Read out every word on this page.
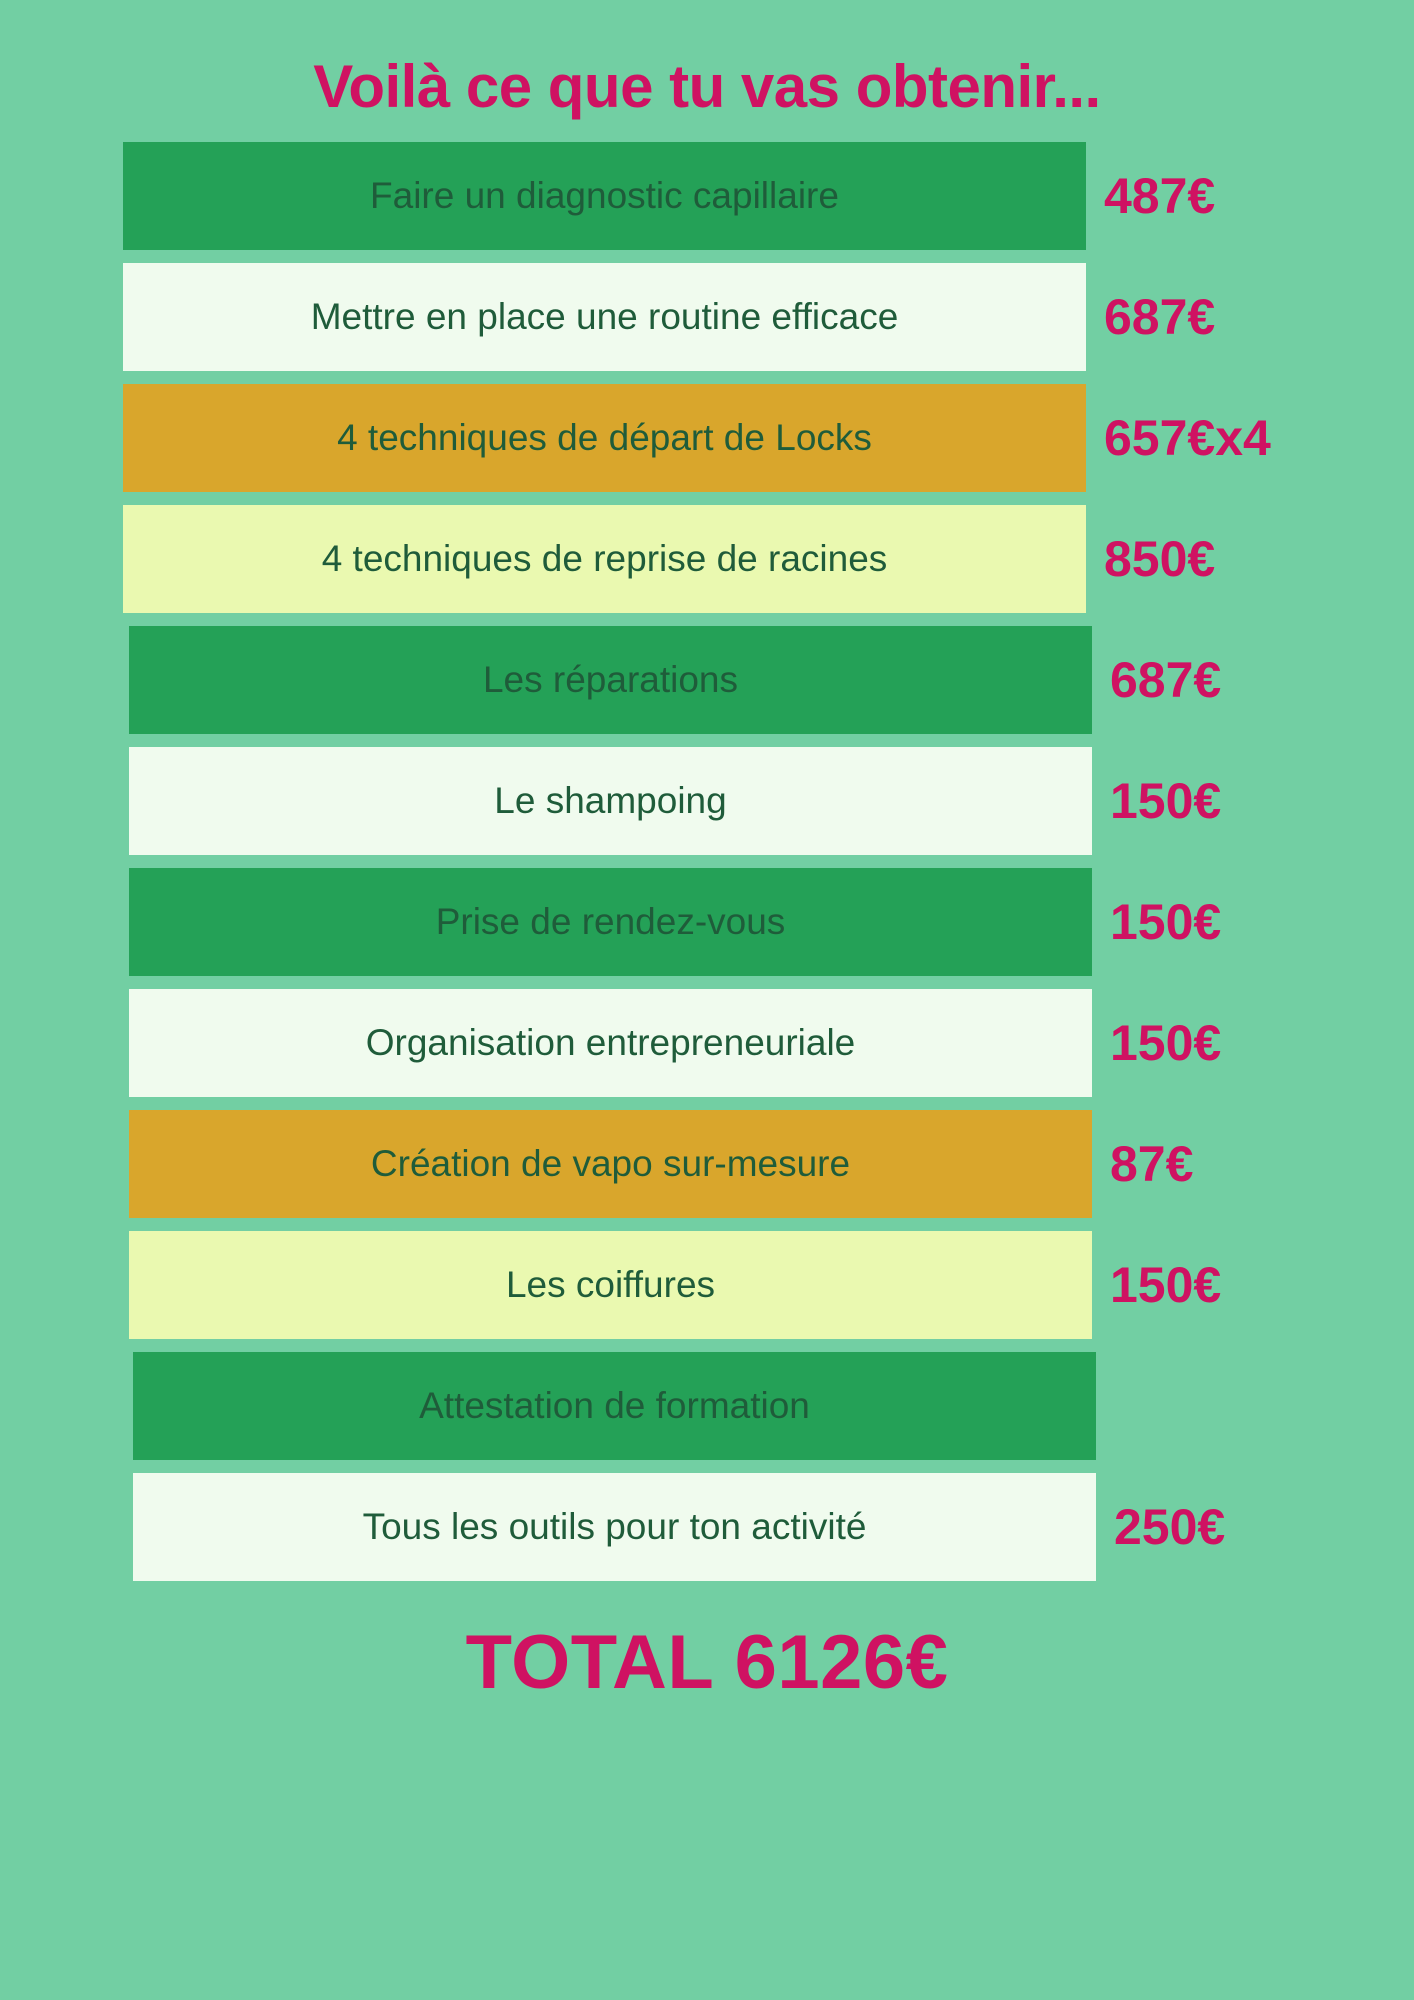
Voilà ce que tu vas obtenir...
Faire un diagnostic capillaire	487€
Mettre en place une routine efficace	687€
4 techniques de départ de Locks	657€x4
4 techniques de reprise de racines	850€
Les réparations	687€
Le shampoing	150€
Prise de rendez-vous	150€
Organisation entrepreneuriale	150€
Création de vapo sur-mesure	87€
Les coiffures	150€
Attestation de formation
Tous les outils pour ton activité	250€
TOTAL 6126€
